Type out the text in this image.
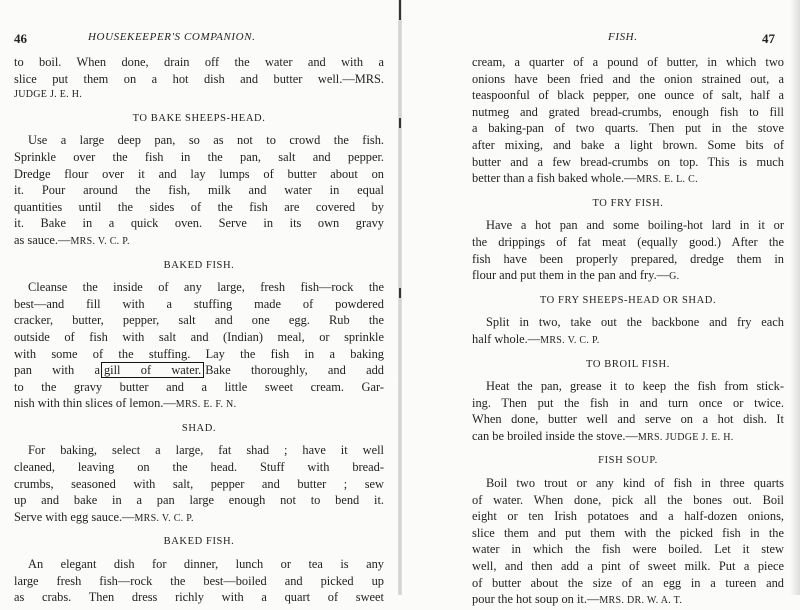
46	HOUSEKEEPER'S COMPANION.
to boil. When done, drain off the water and with a
slice put them on a hot dish and butter well.—MRS.
JUDGE J. E. H.
TO BAKE SHEEPS-HEAD.
Use a large deep pan, so as not to crowd the fish.
Sprinkle over the fish in the pan, salt and pepper.
Dredge flour over it and lay lumps of butter about on
it. Pour around the fish, milk and water in equal
quantities until the sides of the fish are covered by
it. Bake in a quick oven. Serve in its own gravy
as sauce.—MRS. V. C. P.
BAKED FISH.
Cleanse the inside of any large, fresh fish—rock the
best—and fill with a stuffing made of powdered
cracker, butter, pepper, salt and one egg. Rub the
outside of fish with salt and (Indian) meal, or sprinkle
with some of the stuffing. Lay the fish in a baking
pan with a gill of water. Bake thoroughly, and add
to the gravy butter and a little sweet cream. Gar-
nish with thin slices of lemon.—MRS. E. F. N.
SHAD.
For baking, select a large, fat shad ; have it well
cleaned, leaving on the head. Stuff with bread-
crumbs, seasoned with salt, pepper and butter ; sew
up and bake in a pan large enough not to bend it.
Serve with egg sauce.—MRS. V. C. P.
BAKED FISH.
An elegant dish for dinner, lunch or tea is any
large fresh fish—rock the best—boiled and picked up
as crabs. Then dress richly with a quart of sweet
FISH.	47
cream, a quarter of a pound of butter, in which two
onions have been fried and the onion strained out, a
teaspoonful of black pepper, one ounce of salt, half a
nutmeg and grated bread-crumbs, enough fish to fill
a baking-pan of two quarts. Then put in the stove
after mixing, and bake a light brown. Some bits of
butter and a few bread-crumbs on top. This is much
better than a fish baked whole.—MRS. E. L. C.
TO FRY FISH.
Have a hot pan and some boiling-hot lard in it or
the drippings of fat meat (equally good.) After the
fish have been properly prepared, dredge them in
flour and put them in the pan and fry.—G.
TO FRY SHEEPS-HEAD OR SHAD.
Split in two, take out the backbone and fry each
half whole.—MRS. V. C. P.
TO BROIL FISH.
Heat the pan, grease it to keep the fish from stick-
ing. Then put the fish in and turn once or twice.
When done, butter well and serve on a hot dish. It
can be broiled inside the stove.—MRS. JUDGE J. E. H.
FISH SOUP.
Boil two trout or any kind of fish in three quarts
of water. When done, pick all the bones out. Boil
eight or ten Irish potatoes and a half-dozen onions,
slice them and put them with the picked fish in the
water in which the fish were boiled. Let it stew
well, and then add a pint of sweet milk. Put a piece
of butter about the size of an egg in a tureen and
pour the hot soup on it.—MRS. DR. W. A. T.
